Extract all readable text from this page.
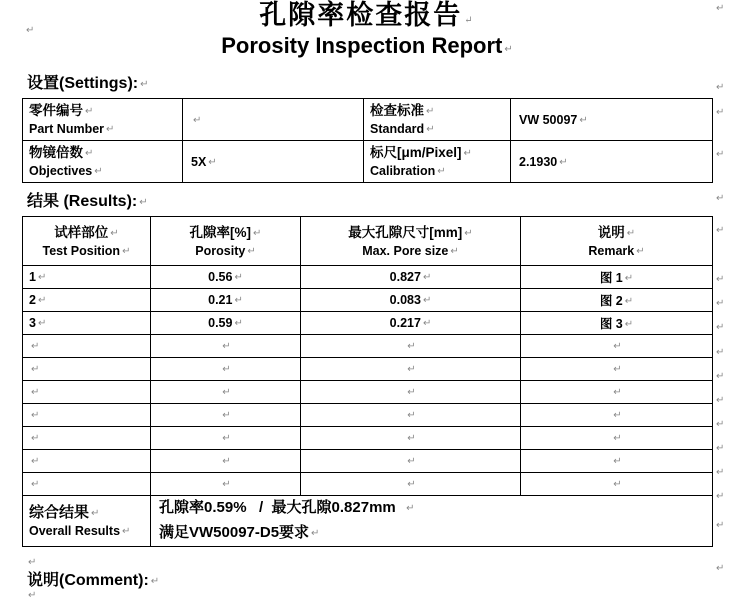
孔隙率检查报告 ↵
Porosity Inspection Report ↵
设置(Settings): ↵
结果 (Results): ↵
说明(Comment): ↵
零件编号 ↵
Part Number ↵	↵	检查标准 ↵
Standard ↵	VW 50097 ↵

物镜倍数 ↵
Objectives ↵	5X ↵	标尺[μm/Pixel] ↵
Calibration ↵	2.1930 ↵
试样部位 ↵
Test Position ↵	孔隙率[%] ↵
Porosity ↵	最大孔隙尺寸[mm] ↵
Max. Pore size ↵	说明 ↵
Remark ↵

1 ↵	0.56 ↵	0.827 ↵	图 1 ↵
2 ↵	0.21 ↵	0.083 ↵	图 2 ↵
3 ↵	0.59 ↵	0.217 ↵	图 3 ↵
↵	↵	↵	↵
↵	↵	↵	↵
↵	↵	↵	↵
↵	↵	↵	↵
↵	↵	↵	↵
↵	↵	↵	↵
↵	↵	↵	↵

综合结果 ↵
Overall Results ↵	孔隙率0.59%   /  最大孔隙0.827mm  ↵
满足VW50097-D5要求 ↵		
↵
↵
↵
↵
↵
↵
↵
↵
↵
↵
↵
↵
↵
↵
↵
↵
↵
↵
↵
↵
↵
